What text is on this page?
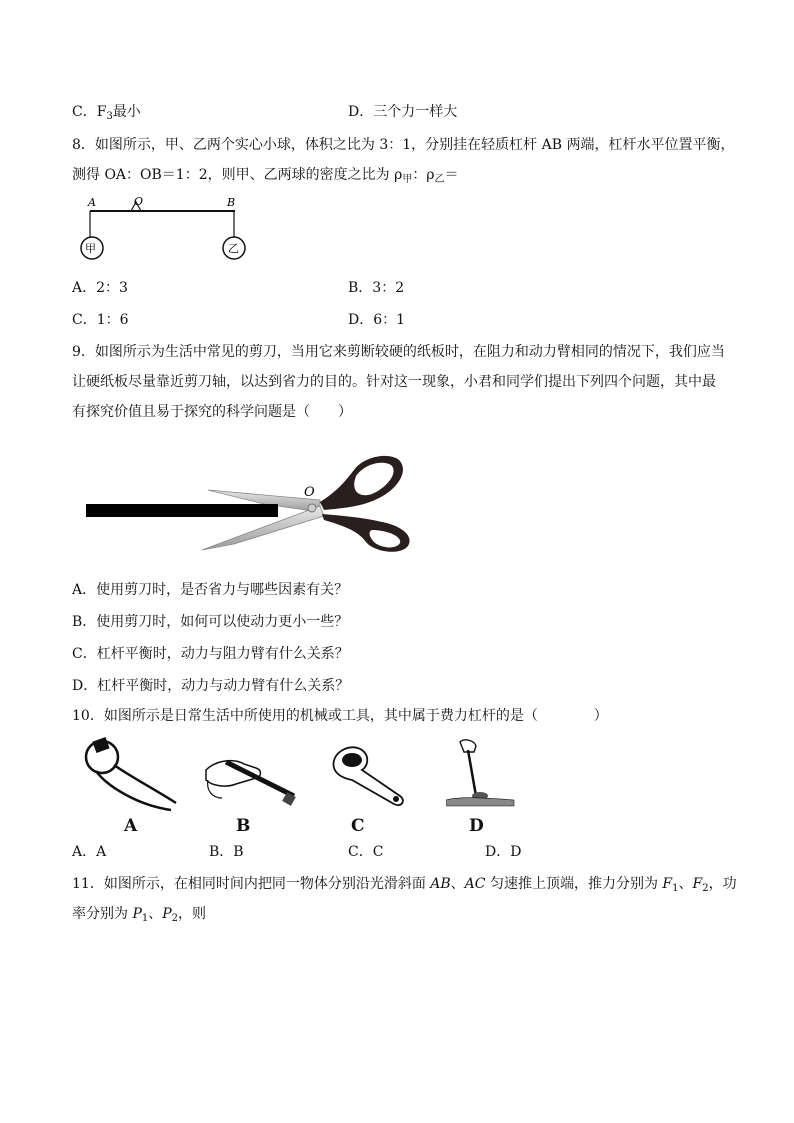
C．$F_3$最小	D．三个力一样大
8．如图所示，甲、乙两个实心小球，体积之比为 3：1，分别挂在轻质杠杆 AB 两端，杠杆水平位置平衡，
测得 OA：OB＝1：2，则甲、乙两球的密度之比为 $\rho_甲$：$\rho_乙=$
A	O	B
甲	乙
A．2：3	B．3：2
C．1：6	D．6：1
9．如图所示为生活中常见的剪刀，当用它来剪断较硬的纸板时，在阻力和动力臂相同的情况下，我们应当
让硬纸板尽量靠近剪刀轴，以达到省力的目的。针对这一现象，小君和同学们提出下列四个问题，其中最
有探究价值且易于探究的科学问题是（　　）
O
A．使用剪刀时，是否省力与哪些因素有关？
B．使用剪刀时，如何可以使动力更小一些？
C．杠杆平衡时，动力与阻力臂有什么关系？
D．杠杆平衡时，动力与动力臂有什么关系？
10．如图所示是日常生活中所使用的机械或工具，其中属于费力杠杆的是（　　　　）
A	B	C	D
A．A	B．B	C．C	D．D
11．如图所示，在相同时间内把同一物体分别沿光滑斜面 AB、AC 匀速推上顶端，推力分别为 $F_1$、$F_2$，功
率分别为 $P_1$、$P_2$，则
